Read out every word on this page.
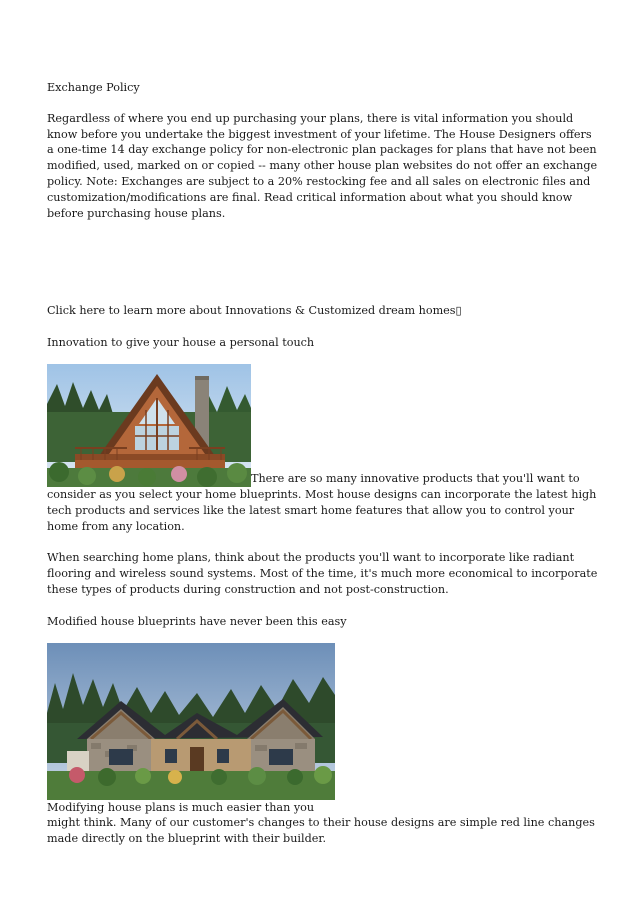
Exchange Policy

Regardless of where you end up purchasing your plans, there is vital information you should know before you undertake the biggest investment of your lifetime. The House Designers offers a one-time 14 day exchange policy for non-electronic plan packages for plans that have not been modified, used, marked on or copied -- many other house plan websites do not offer an exchange policy. Note: Exchanges are subject to a 20% restocking fee and all sales on electronic files and customization/modifications are final. Read critical information about what you should know before purchasing house plans.

Click here to learn more about Innovations & Customized dream homes▯

Innovation to give your house a personal touch

There are so many innovative products that you'll want to

consider as you select your home blueprints. Most house designs can incorporate the latest high tech products and services like the latest smart home features that allow you to control your home from any location.

When searching home plans, think about the products you'll want to incorporate like radiant flooring and wireless sound systems. Most of the time, it's much more economical to incorporate these types of products during construction and not post-construction.

Modified house blueprints have never been this easy

Modifying house plans is much easier than you

might think. Many of our customer's changes to their house designs are simple red line changes made directly on the blueprint with their builder.
